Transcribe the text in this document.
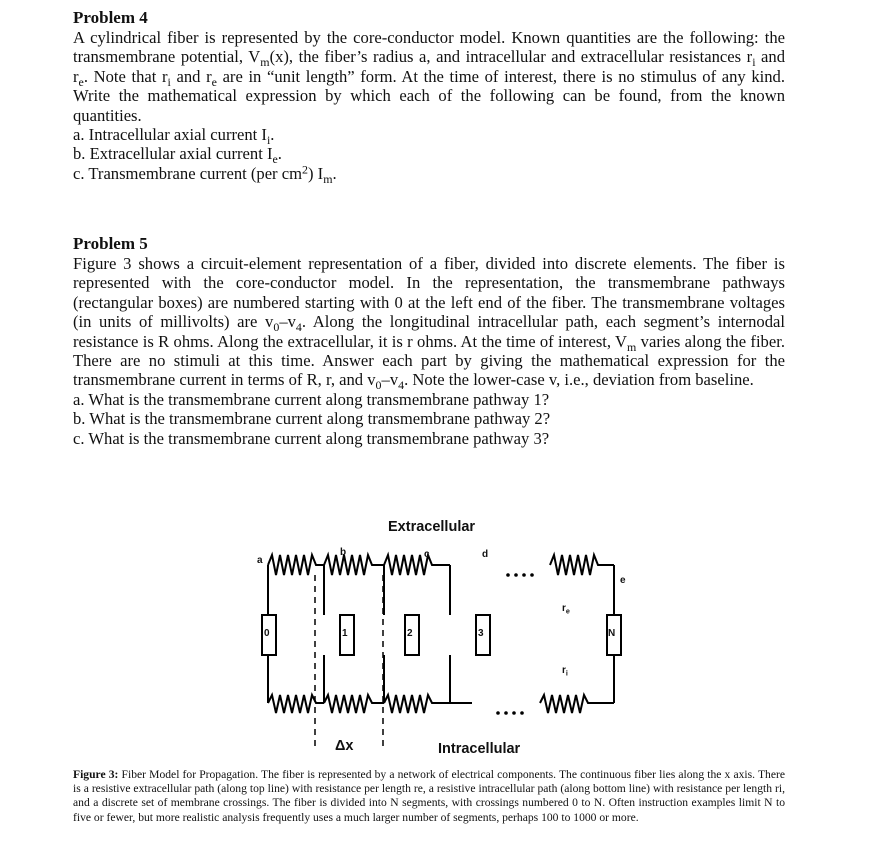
Problem 4
A cylindrical fiber is represented by the core-conductor model. Known quantities are the following: the transmembrane potential, $V_m(x)$, the fiber’s radius a, and intracellular and extracellular resistances $r_i$ and $r_e$. Note that $r_i$ and $r_e$ are in “unit length” form. At the time of interest, there is no stimulus of any kind. Write the mathematical expression by which each of the following can be found, from the known quantities.
a. Intracellular axial current $I_i$.
b. Extracellular axial current $I_e$.
c. Transmembrane current (per $cm^2$) $I_m$.
Problem 5
Figure 3 shows a circuit-element representation of a fiber, divided into discrete elements. The fiber is represented with the core-conductor model. In the representation, the transmembrane pathways (rectangular boxes) are numbered starting with 0 at the left end of the fiber. The transmembrane voltages (in units of millivolts) are $v_0-v_4$. Along the longitudinal intracellular path, each segment’s internodal resistance is R ohms. Along the extracellular, it is r ohms. At the time of interest, $V_m$ varies along the fiber. There are no stimuli at this time. Answer each part by giving the mathematical expression for the transmembrane current in terms of R, r, and $v_0-v_4$. Note the lower-case v, i.e., deviation from baseline.
a. What is the transmembrane current along transmembrane pathway 1?
b. What is the transmembrane current along transmembrane pathway 2?
c. What is the transmembrane current along transmembrane pathway 3?
Extracellular
Intracellular
Δx
a
b	c	d
e
0	1	2	3	N
$r_e$
$r_i$
Figure 3: Fiber Model for Propagation. The fiber is represented by a network of electrical components. The continuous fiber lies along the x axis. There is a resistive extracellular path (along top line) with resistance per length re, a resistive intracellular path (along bottom line) with resistance per length ri, and a discrete set of membrane crossings. The fiber is divided into N segments, with crossings numbered 0 to N. Often instruction examples limit N to five or fewer, but more realistic analysis frequently uses a much larger number of segments, perhaps 100 to 1000 or more.
